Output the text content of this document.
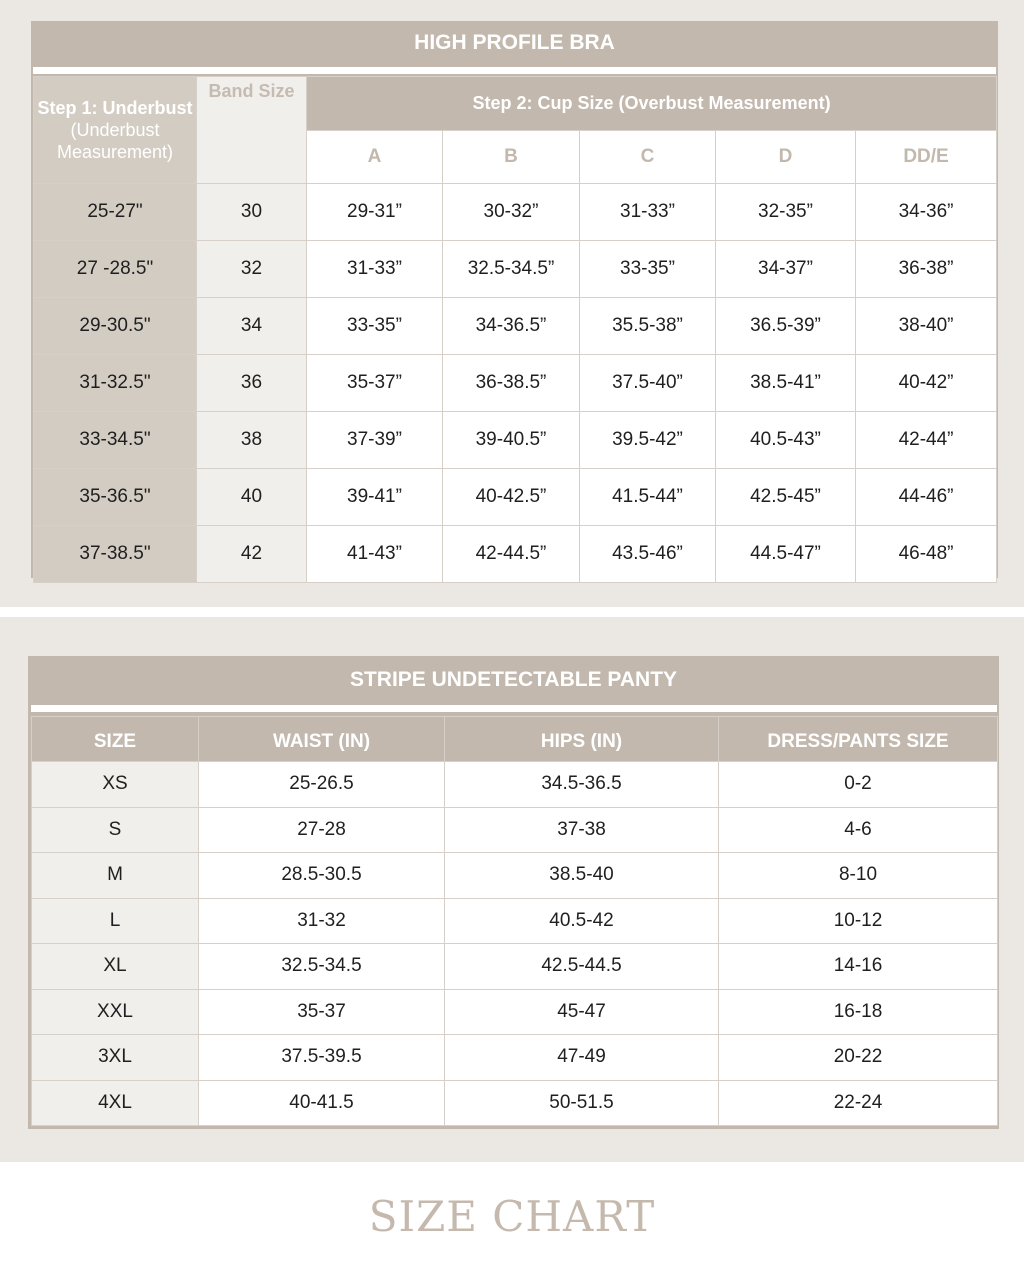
HIGH PROFILE BRA
Step 1: Underbust
(Underbust Measurement)	Band Size	Step 2: Cup Size (Overbust Measurement)				
		A	B	C	D	DD/E
25-27"	30	29-31”	30-32”	31-33”	32-35”	34-36”
27 -28.5"	32	31-33”	32.5-34.5”	33-35”	34-37”	36-38”
29-30.5"	34	33-35”	34-36.5”	35.5-38”	36.5-39”	38-40”
31-32.5"	36	35-37”	36-38.5”	37.5-40”	38.5-41”	40-42”
33-34.5"	38	37-39”	39-40.5”	39.5-42”	40.5-43”	42-44”
35-36.5"	40	39-41”	40-42.5”	41.5-44”	42.5-45”	44-46”
37-38.5"	42	41-43”	42-44.5”	43.5-46”	44.5-47”	46-48”
STRIPE UNDETECTABLE PANTY
SIZE	WAIST (IN)	HIPS (IN)	DRESS/PANTS SIZE
XS	25-26.5	34.5-36.5	0-2
S	27-28	37-38	4-6
M	28.5-30.5	38.5-40	8-10
L	31-32	40.5-42	10-12
XL	32.5-34.5	42.5-44.5	14-16
XXL	35-37	45-47	16-18
3XL	37.5-39.5	47-49	20-22
4XL	40-41.5	50-51.5	22-24
SIZE CHART
